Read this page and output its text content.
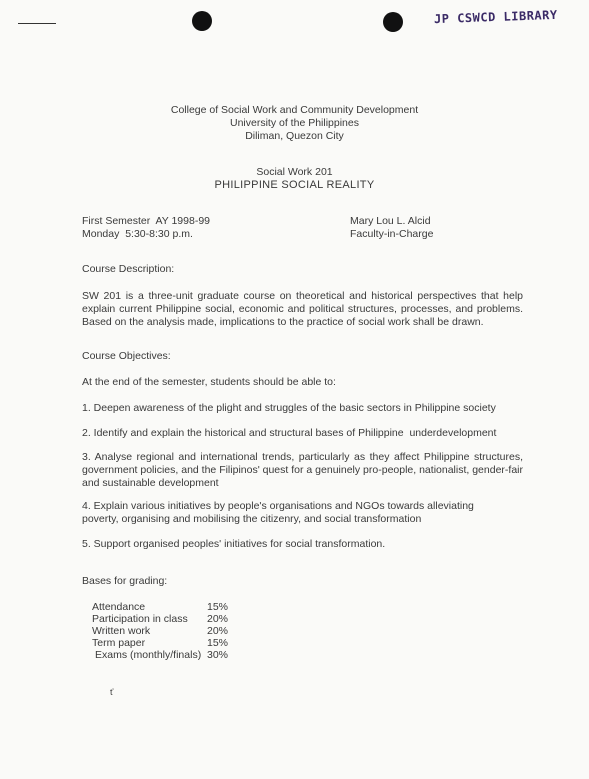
JP CSWCD LIBRARY
College of Social Work and Community Development
University of the Philippines
Diliman, Quezon City
Social Work 201
PHILIPPINE SOCIAL REALITY
First Semester  AY 1998-99
Monday  5:30-8:30 p.m.
Mary Lou L. Alcid
Faculty-in-Charge
Course Description:
SW 201 is a three-unit graduate course on theoretical and historical perspectives that help explain current Philippine social, economic and political structures, processes, and problems. Based on the analysis made, implications to the practice of social work shall be drawn.
Course Objectives:
At the end of the semester, students should be able to:
1. Deepen awareness of the plight and struggles of the basic sectors in Philippine society
2. Identify and explain the historical and structural bases of Philippine  underdevelopment
3. Analyse regional and international trends, particularly as they affect Philippine structures, government policies, and the Filipinos' quest for a genuinely pro-people, nationalist, gender-fair and sustainable development
4. Explain various initiatives by people's organisations and NGOs towards alleviating poverty, organising and mobilising the citizenry, and social transformation
5. Support organised peoples' initiatives for social transformation.
Bases for grading:
Attendance	15%
Participation in class	20%
Written work	20%
Term paper	15%
Exams (monthly/finals)	30%
ť
